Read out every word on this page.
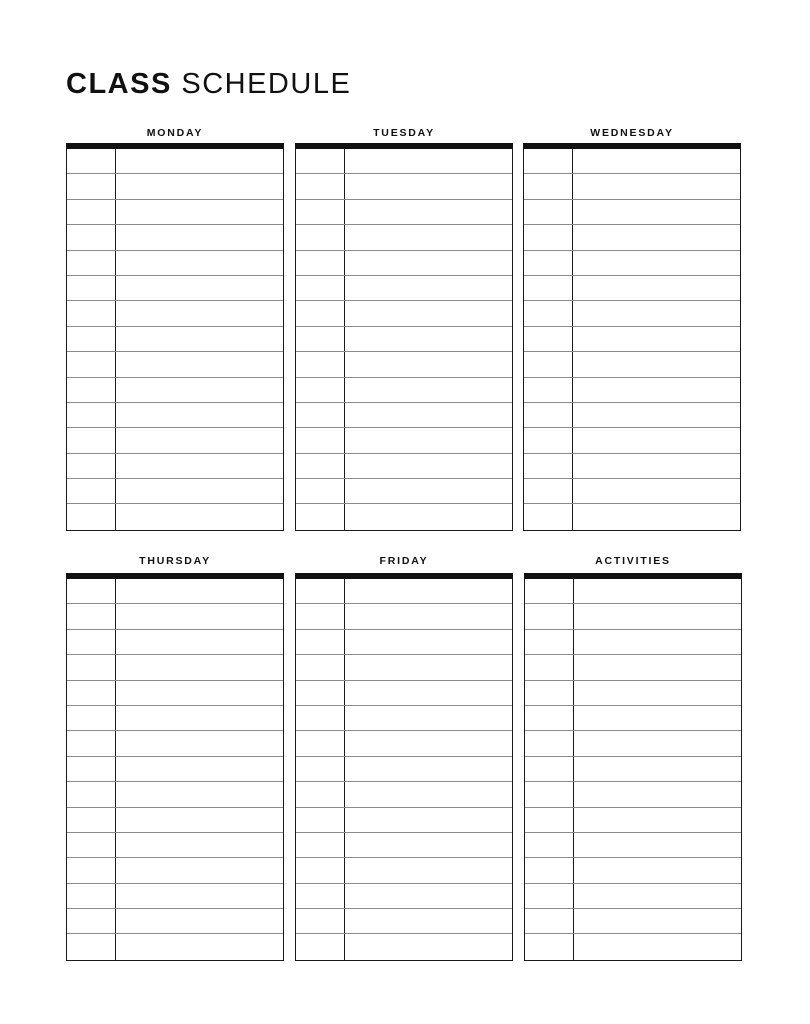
CLASS SCHEDULE
MONDAY	TUESDAY	WEDNESDAY
THURSDAY	FRIDAY	ACTIVITIES
